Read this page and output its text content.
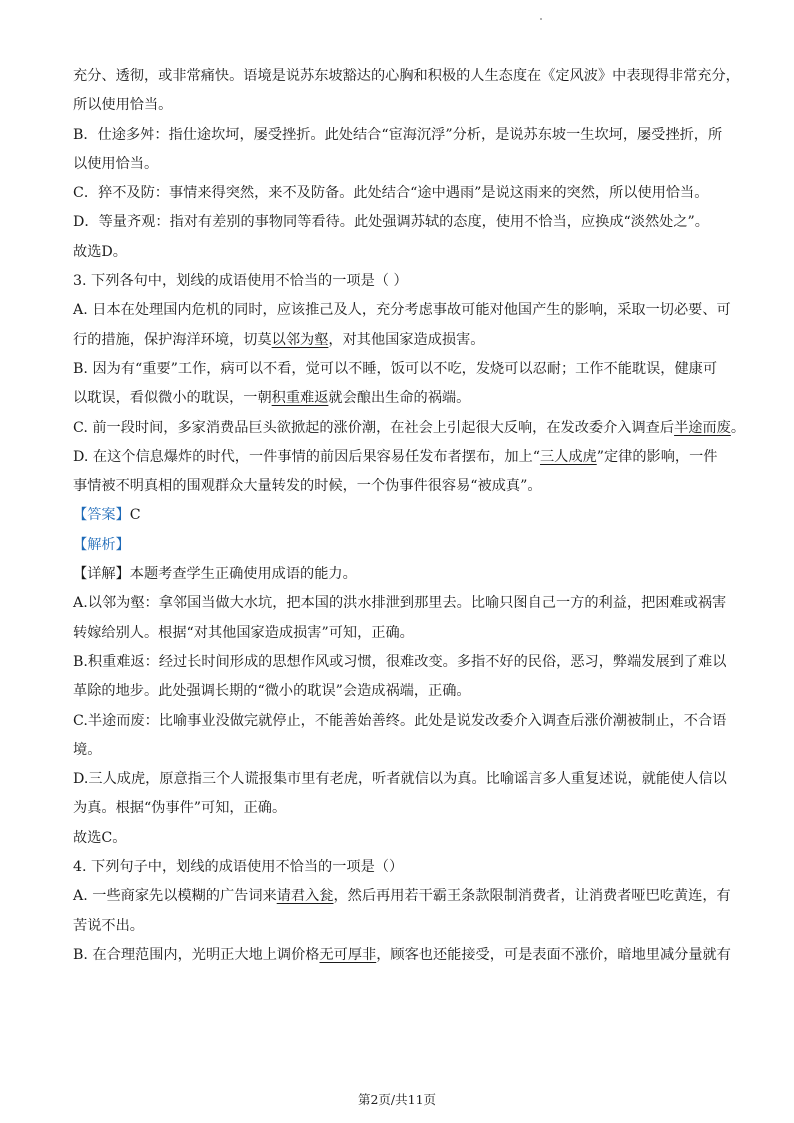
充分、透彻，或非常痛快。语境是说苏东坡豁达的心胸和积极的人生态度在《定风波》中表现得非常充分，
所以使用恰当。
B．仕途多舛：指仕途坎坷，屡受挫折。此处结合“宦海沉浮”分析，是说苏东坡一生坎坷，屡受挫折，所
以使用恰当。
C．猝不及防：事情来得突然，来不及防备。此处结合“途中遇雨”是说这雨来的突然，所以使用恰当。
D．等量齐观：指对有差别的事物同等看待。此处强调苏轼的态度，使用不恰当，应换成“淡然处之”。
故选D。
3. 下列各句中，划线的成语使用不恰当的一项是（ ）
A. 日本在处理国内危机的同时，应该推己及人，充分考虑事故可能对他国产生的影响，采取一切必要、可
行的措施，保护海洋环境，切莫以邻为壑，对其他国家造成损害。
B. 因为有“重要”工作，病可以不看，觉可以不睡，饭可以不吃，发烧可以忍耐；工作不能耽误，健康可
以耽误，看似微小的耽误，一朝积重难返就会酿出生命的祸端。
C. 前一段时间，多家消费品巨头欲掀起的涨价潮，在社会上引起很大反响，在发改委介入调查后半途而废。
D. 在这个信息爆炸的时代，一件事情的前因后果容易任发布者摆布，加上“三人成虎”定律的影响，一件
事情被不明真相的围观群众大量转发的时候，一个伪事件很容易“被成真”。
【答案】C
【解析】
【详解】本题考查学生正确使用成语的能力。
A.以邻为壑：拿邻国当做大水坑，把本国的洪水排泄到那里去。比喻只图自己一方的利益，把困难或祸害
转嫁给别人。根据“对其他国家造成损害”可知，正确。
B.积重难返：经过长时间形成的思想作风或习惯，很难改变。多指不好的民俗，恶习，弊端发展到了难以
革除的地步。此处强调长期的“微小的耽误”会造成祸端，正确。
C.半途而废：比喻事业没做完就停止，不能善始善终。此处是说发改委介入调查后涨价潮被制止，不合语
境。
D.三人成虎，原意指三个人谎报集市里有老虎，听者就信以为真。比喻谣言多人重复述说，就能使人信以
为真。根据“伪事件”可知，正确。
故选C。
4. 下列句子中，划线的成语使用不恰当的一项是（）
A. 一些商家先以模糊的广告词来请君入瓮，然后再用若干霸王条款限制消费者，让消费者哑巴吃黄连，有
苦说不出。
B. 在合理范围内，光明正大地上调价格无可厚非，顾客也还能接受，可是表面不涨价，暗地里减分量就有
第2页/共11页
